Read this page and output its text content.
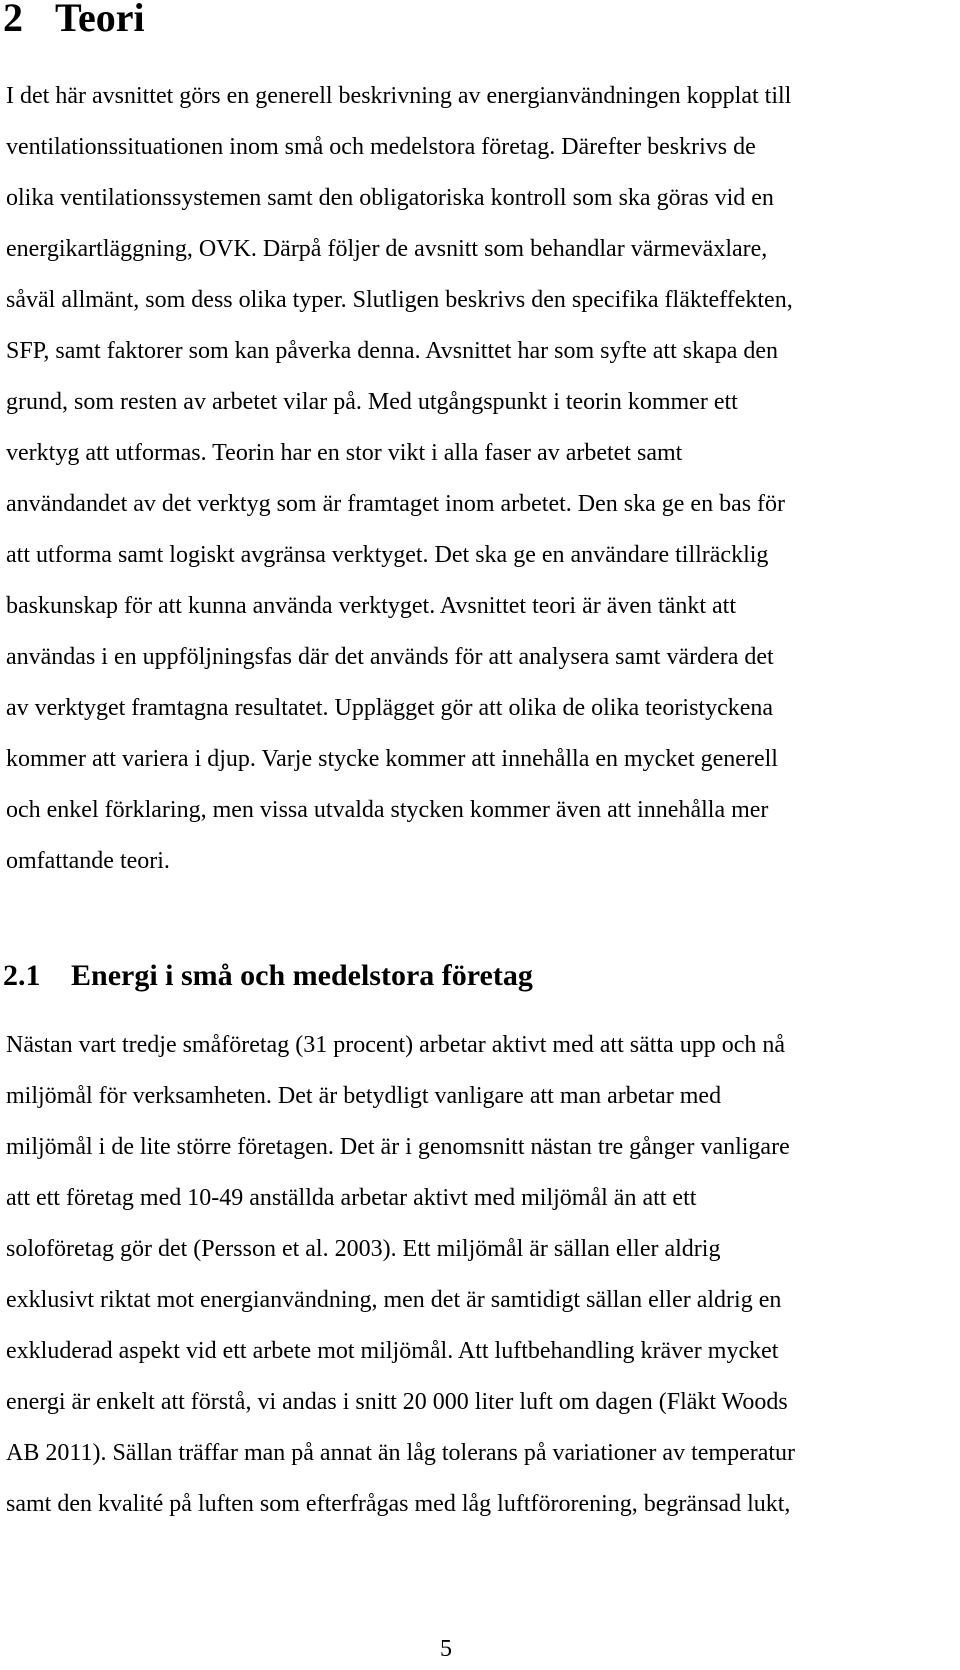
2 Teori
I det här avsnittet görs en generell beskrivning av energianvändningen kopplat till
ventilationssituationen inom små och medelstora företag. Därefter beskrivs de
olika ventilationssystemen samt den obligatoriska kontroll som ska göras vid en
energikartläggning, OVK. Därpå följer de avsnitt som behandlar värmeväxlare,
såväl allmänt, som dess olika typer. Slutligen beskrivs den specifika fläkteffekten,
SFP, samt faktorer som kan påverka denna. Avsnittet har som syfte att skapa den
grund, som resten av arbetet vilar på. Med utgångspunkt i teorin kommer ett
verktyg att utformas. Teorin har en stor vikt i alla faser av arbetet samt
användandet av det verktyg som är framtaget inom arbetet. Den ska ge en bas för
att utforma samt logiskt avgränsa verktyget. Det ska ge en användare tillräcklig
baskunskap för att kunna använda verktyget. Avsnittet teori är även tänkt att
användas i en uppföljningsfas där det används för att analysera samt värdera det
av verktyget framtagna resultatet. Upplägget gör att olika de olika teoristyckena
kommer att variera i djup. Varje stycke kommer att innehålla en mycket generell
och enkel förklaring, men vissa utvalda stycken kommer även att innehålla mer
omfattande teori.
2.1 Energi i små och medelstora företag
Nästan vart tredje småföretag (31 procent) arbetar aktivt med att sätta upp och nå
miljömål för verksamheten. Det är betydligt vanligare att man arbetar med
miljömål i de lite större företagen. Det är i genomsnitt nästan tre gånger vanligare
att ett företag med 10-49 anställda arbetar aktivt med miljömål än att ett
soloföretag gör det (Persson et al. 2003). Ett miljömål är sällan eller aldrig
exklusivt riktat mot energianvändning, men det är samtidigt sällan eller aldrig en
exkluderad aspekt vid ett arbete mot miljömål. Att luftbehandling kräver mycket
energi är enkelt att förstå, vi andas i snitt 20 000 liter luft om dagen (Fläkt Woods
AB 2011). Sällan träffar man på annat än låg tolerans på variationer av temperatur
samt den kvalité på luften som efterfrågas med låg luftförorening, begränsad lukt,
5
